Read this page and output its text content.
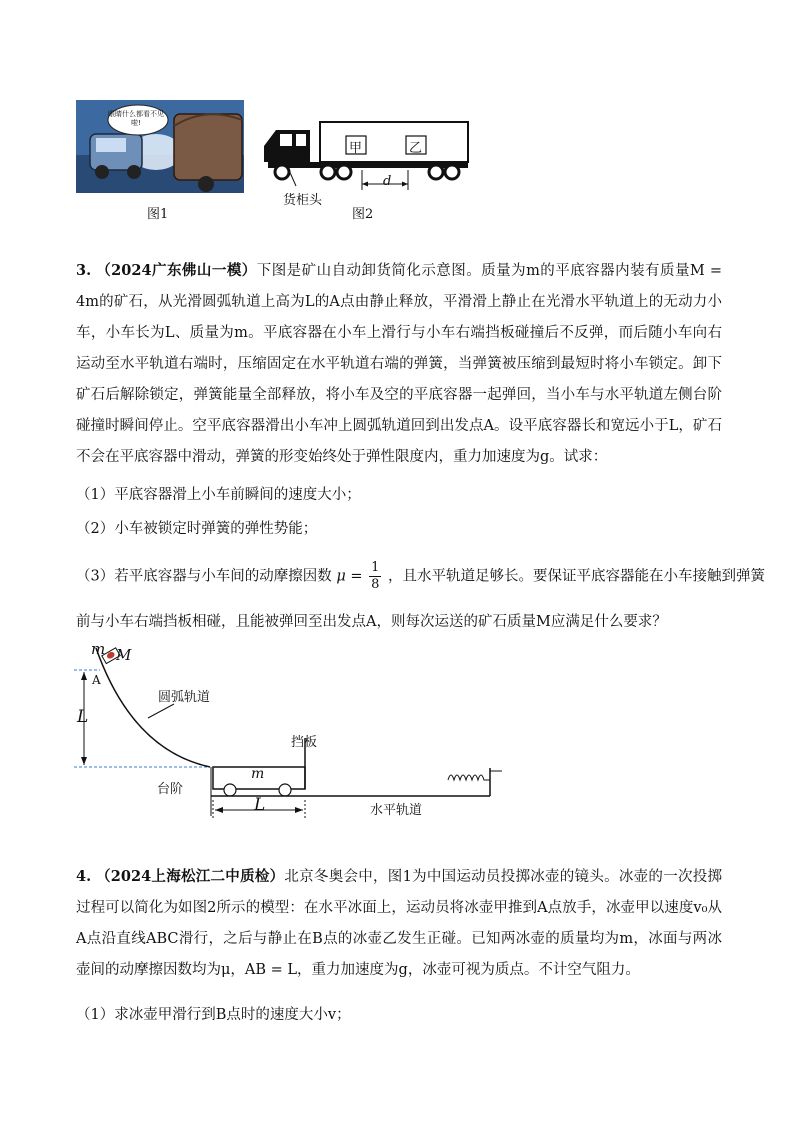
眼睛什么都看不见啦!
图1
甲	乙
d
货柜头
图2
3. （2024广东佛山一模）下图是矿山自动卸货简化示意图。质量为m的平底容器内装有质量M = 4m的矿石，从光滑圆弧轨道上高为L的A点由静止释放，平滑滑上静止在光滑水平轨道上的无动力小车，小车长为L、质量为m。平底容器在小车上滑行与小车右端挡板碰撞后不反弹，而后随小车向右运动至水平轨道右端时，压缩固定在水平轨道右端的弹簧，当弹簧被压缩到最短时将小车锁定。卸下矿石后解除锁定，弹簧能量全部释放，将小车及空的平底容器一起弹回，当小车与水平轨道左侧台阶碰撞时瞬间停止。空平底容器滑出小车冲上圆弧轨道回到出发点A。设平底容器长和宽远小于L，矿石不会在平底容器中滑动，弹簧的形变始终处于弹性限度内，重力加速度为g。试求：
（1）平底容器滑上小车前瞬间的速度大小；
（2）小车被锁定时弹簧的弹性势能；
（3）若平底容器与小车间的动摩擦因数 $\mu = \frac{1}{8}$ ，且水平轨道足够长。要保证平底容器能在小车接触到弹簧
前与小车右端挡板相碰，且能被弹回至出发点A，则每次运送的矿石质量M应满足什么要求？
m M
A
L
圆弧轨道
挡板
台阶
m
L	水平轨道
4. （2024上海松江二中质检）北京冬奥会中，图1为中国运动员投掷冰壶的镜头。冰壶的一次投掷过程可以简化为如图2所示的模型：在水平冰面上，运动员将冰壶甲推到A点放手，冰壶甲以速度v₀从A点沿直线ABC滑行，之后与静止在B点的冰壶乙发生正碰。已知两冰壶的质量均为m，冰面与两冰壶间的动摩擦因数均为μ，AB = L，重力加速度为g，冰壶可视为质点。不计空气阻力。
（1）求冰壶甲滑行到B点时的速度大小v；
